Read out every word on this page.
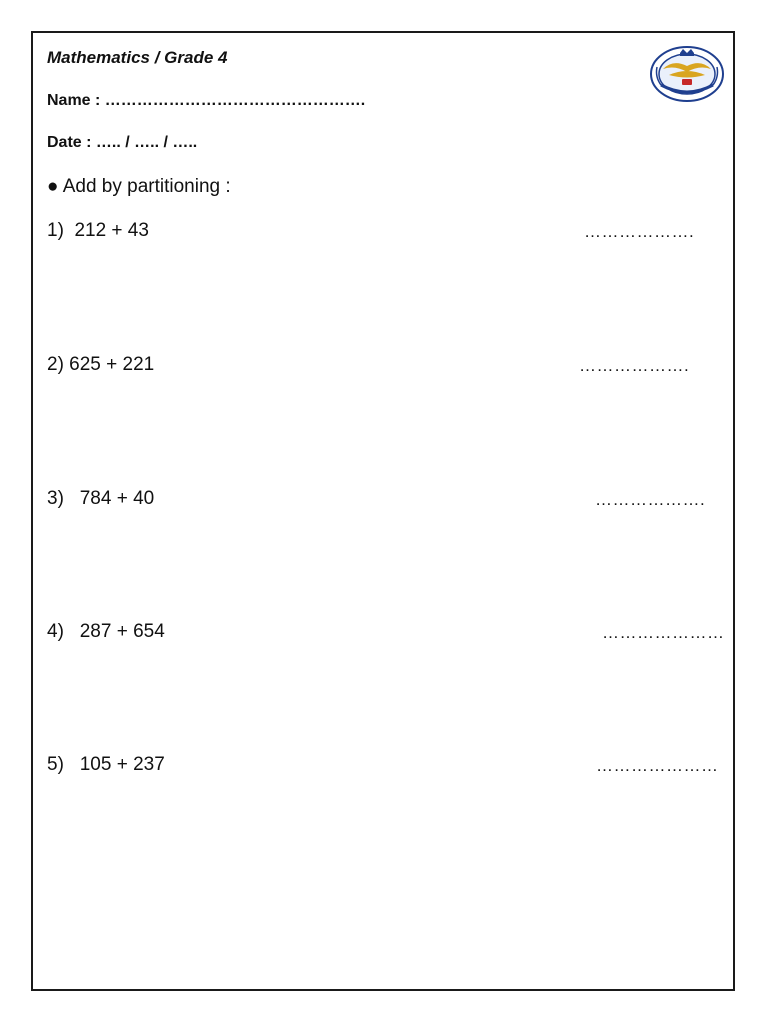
Mathematics / Grade 4
Name : ………………………………………….
Date : ….. / ….. / …..
● Add by partitioning :
1)  212 + 43	……………….
2) 625 + 221	……………….
3)   784 + 40	……………….
4)   287 + 654	…………………
5)   105 + 237	…………………
